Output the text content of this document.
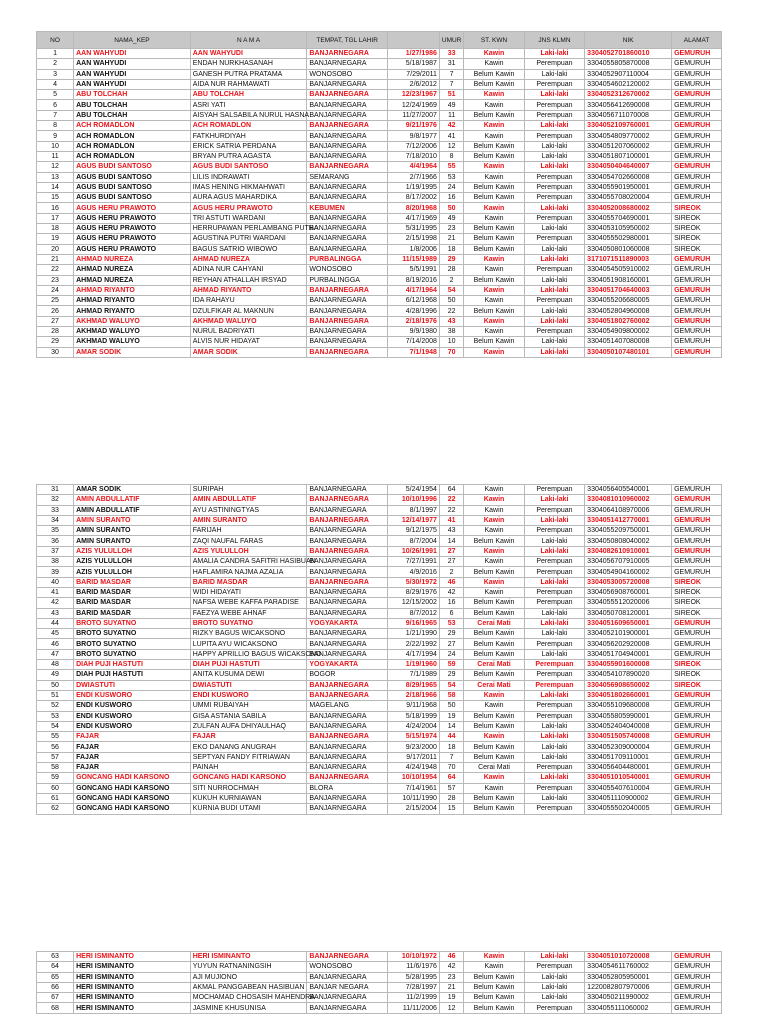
NO	NAMA_KEP	N A M A	TEMPAT, TGL LAHIR		UMUR	ST. KWN	JNS KLMN	NIK	ALAMAT
1	AAN WAHYUDI	AAN WAHYUDI	BANJARNEGARA	1/27/1986	33	Kawin	Laki-laki	3304052701860010	GEMURUH
2	AAN WAHYUDI	ENDAH NURKHASANAH	BANJARNEGARA	5/18/1987	31	Kawin	Perempuan	3304055805870008	GEMURUH
3	AAN WAHYUDI	GANESH PUTRA PRATAMA	WONOSOBO	7/29/2011	7	Belum Kawin	Laki-laki	3304052907110004	GEMURUH
4	AAN WAHYUDI	AIDA NUR RAHMAWATI	BANJARNEGARA	2/6/2012	7	Belum Kawin	Perempuan	3304054602120002	GEMURUH
5	ABU TOLCHAH	ABU TOLCHAH	BANJARNEGARA	12/23/1967	51	Kawin	Laki-laki	3304052312670002	GEMURUH
6	ABU TOLCHAH	ASRI YATI	BANJARNEGARA	12/24/1969	49	Kawin	Perempuan	3304056412690008	GEMURUH
7	ABU TOLCHAH	AISYAH SALSABILA NURUL HASNA	BANJARNEGARA	11/27/2007	11	Belum Kawin	Perempuan	3304056711070008	GEMURUH
8	ACH ROMADLON	ACH ROMADLON	BANJARNEGARA	9/21/1976	42	Kawin	Laki-laki	3304052109760001	GEMURUH
9	ACH ROMADLON	FATKHURDIYAH	BANJARNEGARA	9/8/1977	41	Kawin	Perempuan	3304054809770002	GEMURUH
10	ACH ROMADLON	ERICK SATRIA PERDANA	BANJARNEGARA	7/12/2006	12	Belum Kawin	Laki-laki	3304051207060002	GEMURUH
11	ACH ROMADLON	BRYAN PUTRA AGASTA	BANJARNEGARA	7/18/2010	8	Belum Kawin	Laki-laki	3304051807100001	GEMURUH
12	AGUS BUDI SANTOSO	AGUS BUDI SANTOSO	BANJARNEGARA	4/4/1964	55	Kawin	Laki-laki	3304050404640007	GEMURUH
13	AGUS BUDI SANTOSO	LILIS INDRAWATI	SEMARANG	2/7/1966	53	Kawin	Perempuan	3304054702660008	GEMURUH
14	AGUS BUDI SANTOSO	IMAS HENING HIKMAHWATI	BANJARNEGARA	1/19/1995	24	Belum Kawin	Perempuan	3304055901950001	GEMURUH
15	AGUS BUDI SANTOSO	AURA AGUS MAHARDIKA	BANJARNEGARA	8/17/2002	16	Belum Kawin	Perempuan	3304055708020004	GEMURUH
16	AGUS HERU PRAWOTO	AGUS HERU PRAWOTO	KEBUMEN	8/20/1968	50	Kawin	Laki-laki	3304052008680002	SIREOK
17	AGUS HERU PRAWOTO	TRI ASTUTI WARDANI	BANJARNEGARA	4/17/1969	49	Kawin	Perempuan	3304055704690001	SIREOK
18	AGUS HERU PRAWOTO	HERRUPAWAN PERLAMBANG PUTRA	BANJARNEGARA	5/31/1995	23	Belum Kawin	Laki-laki	3304053105950002	SIREOK
19	AGUS HERU PRAWOTO	AGUSTINA PUTRI WARDANI	BANJARNEGARA	2/15/1998	21	Belum Kawin	Perempuan	3304055502980001	SIREOK
20	AGUS HERU PRAWOTO	BAGUS SATRIO WIBOWO	BANJARNEGARA	1/8/2006	18	Belum Kawin	Laki-laki	3304050801060008	SIREOK
21	AHMAD NUREZA	AHMAD NUREZA	PURBALINGGA	11/15/1989	29	Kawin	Laki-laki	3171071511890003	GEMURUH
22	AHMAD NUREZA	ADINA NUR CAHYANI	WONOSOBO	5/5/1991	28	Kawin	Perempuan	3304054505910002	GEMURUH
23	AHMAD NUREZA	REYHAN ATHALLAH IRSYAD	PURBALINGGA	8/19/2016	2	Belum Kawin	Laki-laki	3304051908160001	GEMURUH
24	AHMAD RIYANTO	AHMAD RIYANTO	BANJARNEGARA	4/17/1964	54	Kawin	Laki-laki	3304051704640003	GEMURUH
25	AHMAD RIYANTO	IDA RAHAYU	BANJARNEGARA	6/12/1968	50	Kawin	Perempuan	3304055206680005	GEMURUH
26	AHMAD RIYANTO	DZULFIKAR AL MAKNUN	BANJARNEGARA	4/28/1996	22	Belum Kawin	Laki-laki	3304052804960008	GEMURUH
27	AKHMAD WALUYO	AKHMAD WALUYO	BANJARNEGARA	2/18/1976	43	Kawin	Laki-laki	3304051802760002	GEMURUH
28	AKHMAD WALUYO	NURUL BADRIYATI	BANJARNEGARA	9/9/1980	38	Kawin	Perempuan	3304054909800002	GEMURUH
29	AKHMAD WALUYO	ALVIS NUR HIDAYAT	BANJARNEGARA	7/14/2008	10	Belum Kawin	Laki-laki	3304051407080008	GEMURUH
30	AMAR SODIK	AMAR SODIK	BANJARNEGARA	7/1/1948	70	Kawin	Laki-laki	3304050107480101	GEMURUH
31	AMAR SODIK	SURIPAH	BANJARNEGARA	5/24/1954	64	Kawin	Perempuan	3304056405540001	GEMURUH
32	AMIN ABDULLATIF	AMIN ABDULLATIF	BANJARNEGARA	10/10/1996	22	Kawin	Laki-laki	3304081010960002	GEMURUH
33	AMIN ABDULLATIF	AYU ASTININGTYAS	BANJARNEGARA	8/1/1997	22	Kawin	Perempuan	3304064108970006	GEMURUH
34	AMIN SURANTO	AMIN SURANTO	BANJARNEGARA	12/14/1977	41	Kawin	Laki-laki	3304051412770001	GEMURUH
35	AMIN SURANTO	FARIJAH	BANJARNEGARA	9/12/1975	43	Kawin	Perempuan	3304055209750001	GEMURUH
36	AMIN SURANTO	ZAQI NAUFAL FARAS	BANJARNEGARA	8/7/2004	14	Belum Kawin	Laki-laki	3304050808040002	GEMURUH
37	AZIS YULULLOH	AZIS YULULLOH	BANJARNEGARA	10/26/1991	27	Kawin	Laki-laki	3304082610910001	GEMURUH
38	AZIS YULULLOH	AMALIA CANDRA SAFITRI HASIBUAN	BANJARNEGARA	7/27/1991	27	Kawin	Perempuan	3304056707910005	GEMURUH
39	AZIS YULULLOH	HAFLAMIRA NAJMA AZALIA	BANJARNEGARA	4/9/2016	2	Belum Kawin	Perempuan	3304054904160002	GEMURUH
40	BARID MASDAR	BARID MASDAR	BANJARNEGARA	5/30/1972	46	Kawin	Laki-laki	3304053005720008	SIREOK
41	BARID MASDAR	WIDI HIDAYATI	BANJARNEGARA	8/29/1976	42	Kawin	Perempuan	3304056908760001	SIREOK
42	BARID MASDAR	NAFSA WEBE KAFFA PARADISE	BANJARNEGARA	12/15/2002	16	Belum Kawin	Perempuan	3304055512020006	SIREOK
43	BARID MASDAR	FAEZYA WEBE AHNAF	BANJARNEGARA	8/7/2012	6	Belum Kawin	Laki-laki	3304050708120001	SIREOK
44	BROTO SUYATNO	BROTO SUYATNO	YOGYAKARTA	9/16/1965	53	Cerai Mati	Laki-laki	3304051609650001	GEMURUH
45	BROTO SUYATNO	RIZKY BAGUS WICAKSONO	BANJARNEGARA	1/21/1990	29	Belum Kawin	Laki-laki	3304052101900001	GEMURUH
46	BROTO SUYATNO	LUPITA AYU WICAKSONO	BANJARNEGARA	2/22/1992	27	Belum Kawin	Perempuan	3304056202920008	GEMURUH
47	BROTO SUYATNO	HAPPY APRILLIO BAGUS WICAKSONO	BANJARNEGARA	4/17/1994	24	Belum Kawin	Laki-laki	3304051704940001	GEMURUH
48	DIAH PUJI HASTUTI	DIAH PUJI HASTUTI	YOGYAKARTA	1/19/1960	59	Cerai Mati	Perempuan	3304055901600008	SIREOK
49	DIAH PUJI HASTUTI	ANITA KUSUMA DEWI	BOGOR	7/1/1989	29	Belum Kawin	Perempuan	3304054107890020	SIREOK
50	DWIASTUTI	DWIASTUTI	BANJARNEGARA	8/29/1965	54	Cerai Mati	Perempuan	3304056908650002	SIREOK
51	ENDI KUSWORO	ENDI KUSWORO	BANJARNEGARA	2/18/1966	58	Kawin	Laki-laki	3304051802660001	GEMURUH
52	ENDI KUSWORO	UMMI RUBAIYAH	MAGELANG	9/11/1968	50	Kawin	Perempuan	3304055109680008	GEMURUH
53	ENDI KUSWORO	GISA ASTANIA SABILA	BANJARNEGARA	5/18/1999	19	Belum Kawin	Perempuan	3304055805990001	GEMURUH
54	ENDI KUSWORO	ZULFAN AUFA DHIYAULHAQ	BANJARNEGARA	4/24/2004	14	Belum Kawin	Laki-laki	3304052404040008	GEMURUH
55	FAJAR	FAJAR	BANJARNEGARA	5/15/1974	44	Kawin	Laki-laki	3304051505740008	GEMURUH
56	FAJAR	EKO DANANG ANUGRAH	BANJARNEGARA	9/23/2000	18	Belum Kawin	Laki-laki	3304052309000004	GEMURUH
57	FAJAR	SEPTYAN FANDY FITRIAWAN	BANJARNEGARA	9/17/2011	7	Belum Kawin	Laki-laki	3304051709110001	GEMURUH
58	FAJAR	PAINAH	BANJARNEGARA	4/24/1948	70	Cerai Mati	Perempuan	3304056404480001	GEMURUH
59	GONCANG HADI KARSONO	GONCANG HADI KARSONO	BANJARNEGARA	10/10/1954	64	Kawin	Laki-laki	3304051010540001	GEMURUH
60	GONCANG HADI KARSONO	SITI NURROCHMAH	BLORA	7/14/1961	57	Kawin	Perempuan	3304055407610004	GEMURUH
61	GONCANG HADI KARSONO	KUKUH KURNIAWAN	BANJARNEGARA	10/11/1990	28	Belum Kawin	Laki-laki	3304051110900002	GEMURUH
62	GONCANG HADI KARSONO	KURNIA BUDI UTAMI	BANJARNEGARA	2/15/2004	15	Belum Kawin	Perempuan	3304055502040005	GEMURUH
63	HERI ISMINANTO	HERI ISMINANTO	BANJARNEGARA	10/10/1972	46	Kawin	Laki-laki	3304051010720008	GEMURUH
64	HERI ISMINANTO	YUYUN RATNANINGSIH	WONOSOBO	11/6/1976	42	Kawin	Perempuan	3304054611760002	GEMURUH
65	HERI ISMINANTO	AJI MUJIONO	BANJARNEGARA	5/28/1995	23	Belum Kawin	Laki-laki	3304052805950001	GEMURUH
66	HERI ISMINANTO	AKMAL PANGGABEAN HASIBUAN	BANJAR NEGARA	7/28/1997	21	Belum Kawin	Laki-laki	1220082807970006	GEMURUH
67	HERI ISMINANTO	MOCHAMAD CHOSASIH MAHENDRA	BANJARNEGARA	11/2/1999	19	Belum Kawin	Laki-laki	3304050211990002	GEMURUH
68	HERI ISMINANTO	JASMINE KHUSUNISA	BANJARNEGARA	11/11/2006	12	Belum Kawin	Perempuan	3304055111060002	GEMURUH
